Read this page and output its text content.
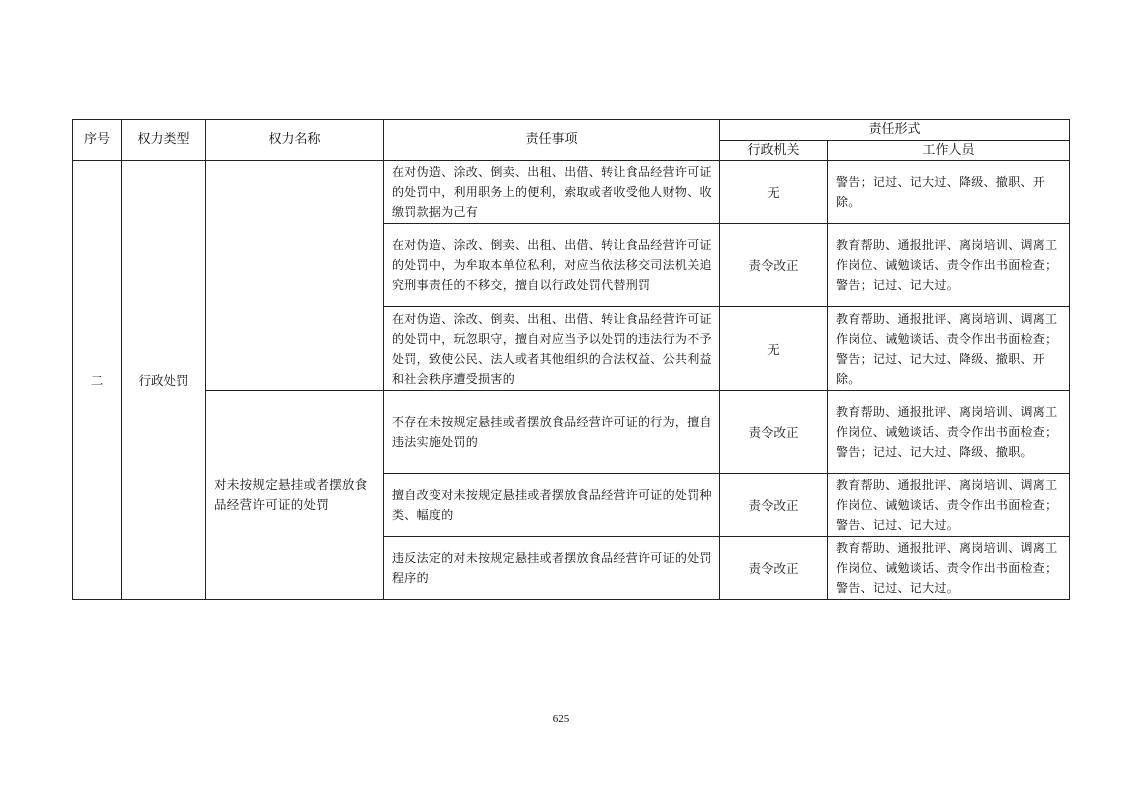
序号	权力类型	权力名称	责任事项	责任形式	
				行政机关	工作人员
二	行政处罚		在对伪造、涂改、倒卖、出租、出借、转让食品经营许可证的处罚中，利用职务上的便利，索取或者收受他人财物、收缴罚款据为己有	无	警告；记过、记大过、降级、撤职、开除。
			在对伪造、涂改、倒卖、出租、出借、转让食品经营许可证的处罚中，为牟取本单位私利，对应当依法移交司法机关追究刑事责任的不移交，擅自以行政处罚代替刑罚	责令改正	教育帮助、通报批评、离岗培训、调离工作岗位、诫勉谈话、责令作出书面检查；警告；记过、记大过。
			在对伪造、涂改、倒卖、出租、出借、转让食品经营许可证的处罚中，玩忽职守，擅自对应当予以处罚的违法行为不予处罚，致使公民、法人或者其他组织的合法权益、公共利益和社会秩序遭受损害的	无	教育帮助、通报批评、离岗培训、调离工作岗位、诫勉谈话、责令作出书面检查；警告；记过、记大过、降级、撤职、开除。
		对未按规定悬挂或者摆放食品经营许可证的处罚	不存在未按规定悬挂或者摆放食品经营许可证的行为，擅自违法实施处罚的	责令改正	教育帮助、通报批评、离岗培训、调离工作岗位、诫勉谈话、责令作出书面检查；警告；记过、记大过、降级、撤职。
			擅自改变对未按规定悬挂或者摆放食品经营许可证的处罚种类、幅度的	责令改正	教育帮助、通报批评、离岗培训、调离工作岗位、诫勉谈话、责令作出书面检查；警告、记过、记大过。
			违反法定的对未按规定悬挂或者摆放食品经营许可证的处罚程序的	责令改正	教育帮助、通报批评、离岗培训、调离工作岗位、诫勉谈话、责令作出书面检查；警告、记过、记大过。
625
